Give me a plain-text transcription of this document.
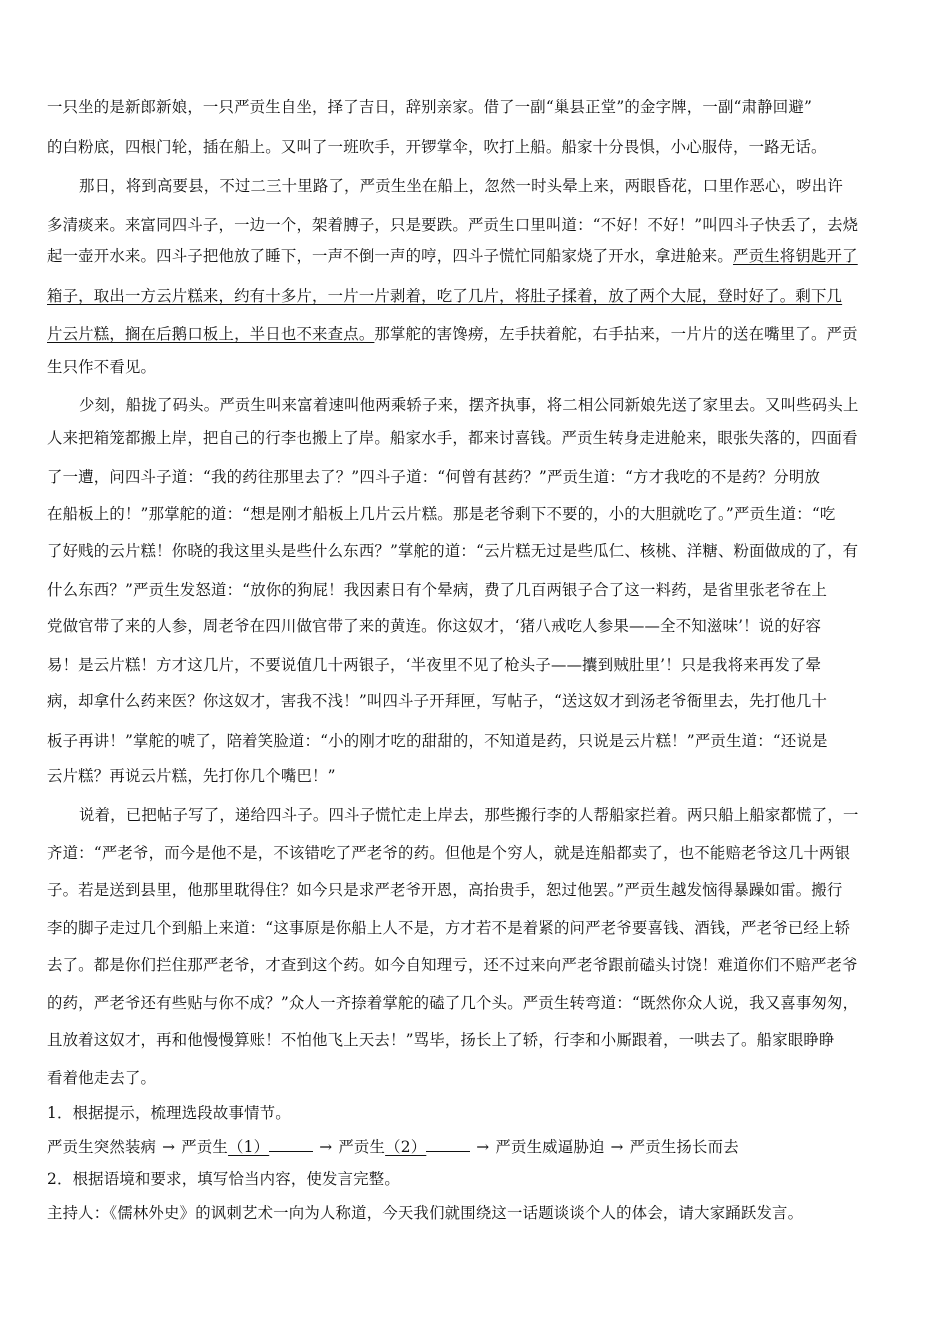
一只坐的是新郎新娘，一只严贡生自坐，择了吉日，辞别亲家。借了一副“巢县正堂”的金字牌，一副“肃静回避”
的白粉底，四根门轮，插在船上。又叫了一班吹手，开锣掌伞，吹打上船。船家十分畏惧，小心服侍，一路无话。
那日，将到高要县，不过二三十里路了，严贡生坐在船上，忽然一时头晕上来，两眼昏花，口里作恶心，哕出许
多清痰来。来富同四斗子，一边一个，架着膊子，只是要跌。严贡生口里叫道：“不好！不好！”叫四斗子快丢了，去烧
起一壶开水来。四斗子把他放了睡下，一声不倒一声的哼，四斗子慌忙同船家烧了开水，拿进舱来。严贡生将钥匙开了
箱子，取出一方云片糕来，约有十多片，一片一片剥着，吃了几片，将肚子揉着，放了两个大屁，登时好了。剩下几
片云片糕，搁在后鹅口板上，半日也不来查点。那掌舵的害馋痨，左手扶着舵，右手拈来，一片片的送在嘴里了。严贡
生只作不看见。
少刻，船拢了码头。严贡生叫来富着速叫他两乘轿子来，摆齐执事，将二相公同新娘先送了家里去。又叫些码头上
人来把箱笼都搬上岸，把自己的行李也搬上了岸。船家水手，都来讨喜钱。严贡生转身走进舱来，眼张失落的，四面看
了一遭，问四斗子道：“我的药往那里去了？”四斗子道：“何曾有甚药？”严贡生道：“方才我吃的不是药？分明放
在船板上的！”那掌舵的道：“想是刚才船板上几片云片糕。那是老爷剩下不要的，小的大胆就吃了。”严贡生道：“吃
了好贱的云片糕！你晓的我这里头是些什么东西？”掌舵的道：“云片糕无过是些瓜仁、核桃、洋糖、粉面做成的了，有
什么东西？”严贡生发怒道：“放你的狗屁！我因素日有个晕病，费了几百两银子合了这一料药，是省里张老爷在上
党做官带了来的人参，周老爷在四川做官带了来的黄连。你这奴才，‘猪八戒吃人参果——全不知滋味’！说的好容
易！是云片糕！方才这几片，不要说值几十两银子，‘半夜里不见了枪头子——攮到贼肚里’！只是我将来再发了晕
病，却拿什么药来医？你这奴才，害我不浅！”叫四斗子开拜匣，写帖子，“送这奴才到汤老爷衙里去，先打他几十
板子再讲！”掌舵的唬了，陪着笑脸道：“小的刚才吃的甜甜的，不知道是药，只说是云片糕！”严贡生道：“还说是
云片糕？再说云片糕，先打你几个嘴巴！”
说着，已把帖子写了，递给四斗子。四斗子慌忙走上岸去，那些搬行李的人帮船家拦着。两只船上船家都慌了，一
齐道：“严老爷，而今是他不是，不该错吃了严老爷的药。但他是个穷人，就是连船都卖了，也不能赔老爷这几十两银
子。若是送到县里，他那里耽得住？如今只是求严老爷开恩，高抬贵手，恕过他罢。”严贡生越发恼得暴躁如雷。搬行
李的脚子走过几个到船上来道：“这事原是你船上人不是，方才若不是着紧的问严老爷要喜钱、酒钱，严老爷已经上轿
去了。都是你们拦住那严老爷，才查到这个药。如今自知理亏，还不过来向严老爷跟前磕头讨饶！难道你们不赔严老爷
的药，严老爷还有些贴与你不成？”众人一齐捺着掌舵的磕了几个头。严贡生转弯道：“既然你众人说，我又喜事匆匆，
且放着这奴才，再和他慢慢算账！不怕他飞上天去！”骂毕，扬长上了轿，行李和小厮跟着，一哄去了。船家眼睁睁
看着他走去了。
1．根据提示，梳理选段故事情节。
严贡生突然装病 → 严贡生（1）	→ 严贡生（2）	→ 严贡生威逼胁迫 → 严贡生扬长而去
2．根据语境和要求，填写恰当内容，使发言完整。
主持人：《儒林外史》的讽刺艺术一向为人称道，今天我们就围绕这一话题谈谈个人的体会，请大家踊跃发言。
